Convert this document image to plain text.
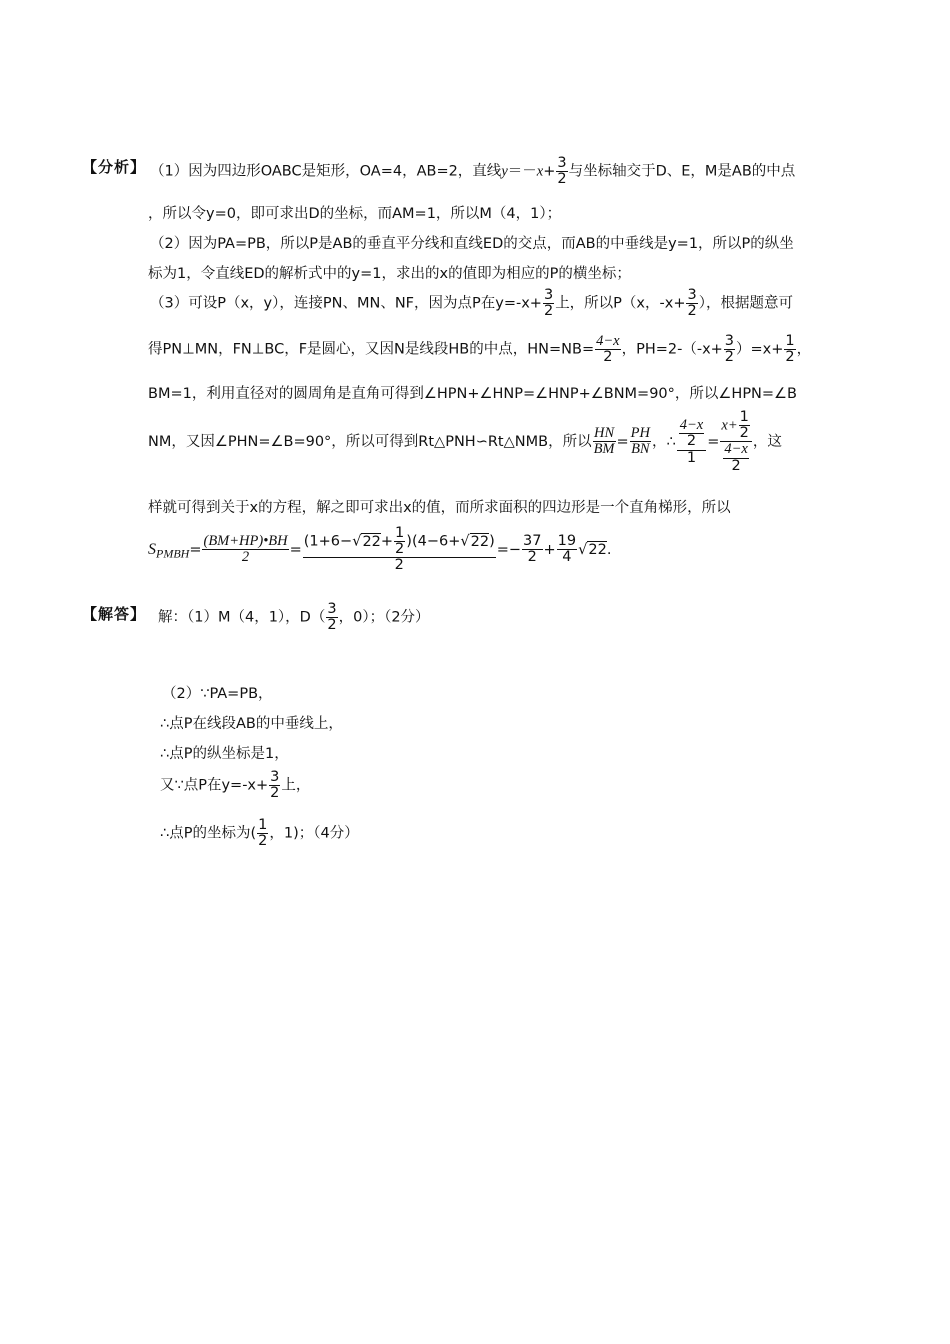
【分析】 （1）因为四边形OABC是矩形，OA=4，AB=2，直线$y=-x+ \frac{3}{2}$ 与坐标轴交于D、E，M是AB的中点
，所以令y=0，即可求出D的坐标，而AM=1，所以M（4，1）；
（2）因为PA=PB，所以P是AB的垂直平分线和直线ED的交点，而AB的中垂线是y=1，所以P的纵坐
标为1，令直线ED的解析式中的y=1，求出的x的值即为相应的P的横坐标；
（3）可设P（x，y），连接PN、MN、NF，因为点P在$y=-x+ \frac{3}{2}$ 上，所以P（x，$-x+ \frac{3}{2}$ ），根据题意可
得PN⊥MN，FN⊥BC，F是圆心，又因N是线段HB的中点，$HN=NB= \frac{4-x}{2}$ ，$PH=2-(-x+ \frac{3}{2} )=x+ \frac{1}{2}$ ，
BM=1，利用直径对的圆周角是直角可得到∠HPN+∠HNP=∠HNP+∠BNM=90°，所以∠HPN=∠B
NM，又因∠PHN=∠B=90°，所以可得到Rt△PNH∽Rt△NMB，所以 $\frac{HN}{BM} = \frac{PH}{BN}$ ，∴ $\frac{\frac{4-x}{2}}{1} = \frac{x+ \frac{1}{2}}{\frac{4-x}{2}}$ ，这
样就可得到关于x的方程，解之即可求出x的值，而所求面积的四边形是一个直角梯形，所以
$S_{PMBH}= \frac{(BM+HP)•BH}{2} = \frac{(1+6-√22+ \frac{1}{2} )(4-6+√22)}{2} =- \frac{37}{2} + \frac{19}{4} √22$.
【解答】 解：（1）M（4，1），$D( \frac{3}{2}$ ，0）；（2分）
（2）∵PA=PB，
∴点P在线段AB的中垂线上，
∴点P的纵坐标是1，
又∵点P在$y=-x+ \frac{3}{2}$ 上，
∴点P的坐标为( $\frac{1}{2}$ ，1)；（4分）
